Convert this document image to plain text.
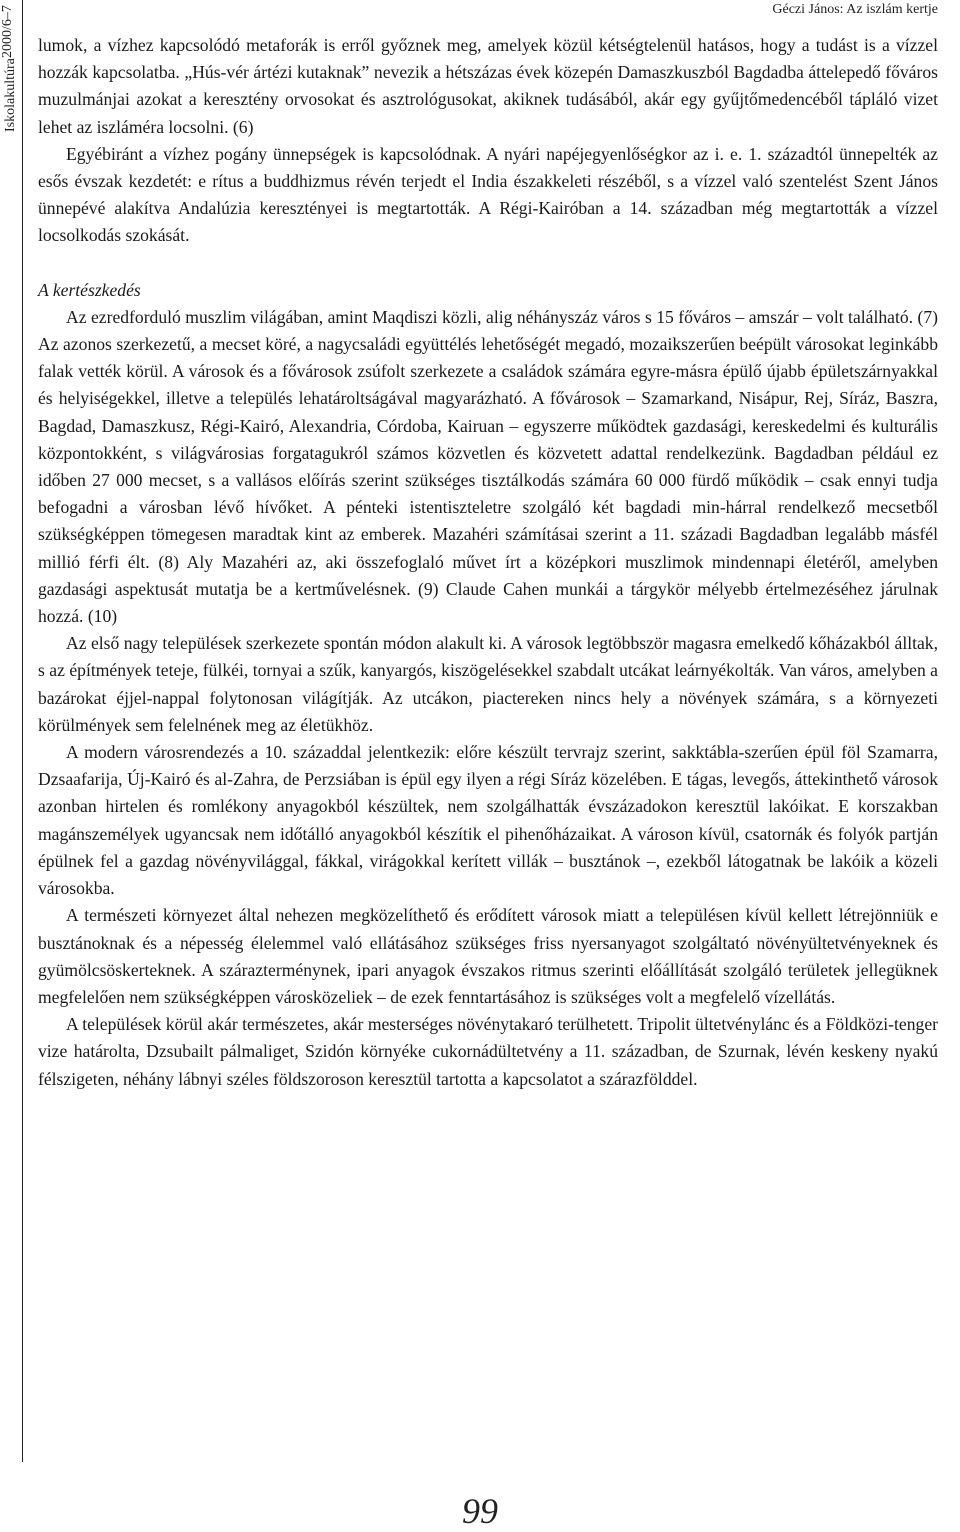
Iskolakultúra
2000/6–7	Géczi János: Az iszlám kertje

lumok, a vízhez kapcsolódó metaforák is erről győznek meg, amelyek közül kétségtelenül hatásos, hogy a tudást is a vízzel hozzák kapcsolatba. „Hús-vér ártézi kutaknak” nevezik a hétszázas évek közepén Damaszkuszból Bagdadba áttelepedő főváros muzulmánjai azokat a keresztény orvosokat és asztrológusokat, akiknek tudásából, akár egy gyűjtőmedencéből tápláló vizet lehet az iszláméra locsolni. (6)

Egyébiránt a vízhez pogány ünnepségek is kapcsolódnak. A nyári napéjegyenlőségkor az i. e. 1. századtól ünnepelték az esős évszak kezdetét: e rítus a buddhizmus révén terjedt el India északkeleti részéből, s a vízzel való szentelést Szent János ünnepévé alakítva Andalúzia keresztényei is megtartották. A Régi-Kairóban a 14. században még megtartották a vízzel locsolkodás szokását.

A kertészkedés

Az ezredforduló muszlim világában, amint Maqdiszi közli, alig néhányszáz város s 15 főváros – amszár – volt található. (7) Az azonos szerkezetű, a mecset köré, a nagycsaládi együttélés lehetőségét megadó, mozaikszerűen beépült városokat leginkább falak vették körül. A városok és a fővárosok zsúfolt szerkezete a családok számára egyre-másra épülő újabb épületszárnyakkal és helyiségekkel, illetve a település lehatároltságával magyarázható. A fővárosok – Szamarkand, Nisápur, Rej, Síráz, Baszra, Bagdad, Damaszkusz, Régi-Kairó, Alexandria, Córdoba, Kairuan – egyszerre működtek gazdasági, kereskedelmi és kulturális központokként, s világvárosias forgatagukról számos közvetlen és közvetett adattal rendelkezünk. Bagdadban például ez időben 27 000 mecset, s a vallásos előírás szerint szükséges tisztálkodás számára 60 000 fürdő működik – csak ennyi tudja befogadni a városban lévő hívőket. A pénteki istentiszteletre szolgáló két bagdadi min-hárral rendelkező mecsetből szükségképpen tömegesen maradtak kint az emberek. Mazahéri számításai szerint a 11. századi Bagdadban legalább másfél millió férfi élt. (8) Aly Mazahéri az, aki összefoglaló művet írt a középkori muszlimok mindennapi életéről, amelyben gazdasági aspektusát mutatja be a kertművelésnek. (9) Claude Cahen munkái a tárgykör mélyebb értelmezéséhez járulnak hozzá. (10)

Az első nagy települések szerkezete spontán módon alakult ki. A városok legtöbbször magasra emelkedő kőházakból álltak, s az építmények teteje, fülkéi, tornyai a szűk, kanyargós, kiszögelésekkel szabdalt utcákat leárnyékolták. Van város, amelyben a bazárokat éjjel-nappal folytonosan világítják. Az utcákon, piactereken nincs hely a növények számára, s a környezeti körülmények sem felelnének meg az életükhöz.

A modern városrendezés a 10. századdal jelentkezik: előre készült tervrajz szerint, sakktábla-szerűen épül föl Szamarra, Dzsaafarija, Új-Kairó és al-Zahra, de Perzsiában is épül egy ilyen a régi Síráz közelében. E tágas, levegős, áttekinthető városok azonban hirtelen és romlékony anyagokból készültek, nem szolgálhatták évszázadokon keresztül lakóikat. E korszakban magánszemélyek ugyancsak nem időtálló anyagokból készítik el pihenőházaikat. A városon kívül, csatornák és folyók partján épülnek fel a gazdag növényvilággal, fákkal, virágokkal kerített villák – busztánok –, ezekből látogatnak be lakóik a közeli városokba.

A természeti környezet által nehezen megközelíthető és erődített városok miatt a településen kívül kellett létrejönniük e busztánoknak és a népesség élelemmel való ellátásához szükséges friss nyersanyagot szolgáltató növényültetvényeknek és gyümölcsöskerteknek. A szárazterménynek, ipari anyagok évszakos ritmus szerinti előállítását szolgáló területek jellegüknek megfelelően nem szükségképpen városközeliek – de ezek fenntartásához is szükséges volt a megfelelő vízellátás.

A települések körül akár természetes, akár mesterséges növénytakaró terülhetett. Tripolit ültetvénylánc és a Földközi-tenger vize határolta, Dzsubailt pálmaliget, Szidón környéke cukornádültetvény a 11. században, de Szurnak, lévén keskeny nyakú félszigeten, néhány lábnyi széles földszoroson keresztül tartotta a kapcsolatot a szárazfölddel.

99
